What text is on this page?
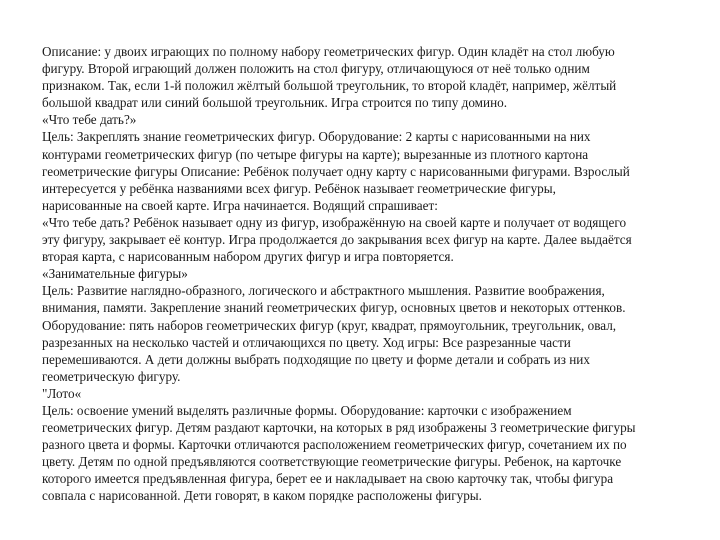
Описание: у двоих играющих по полному набору геометрических фигур. Один кладёт на стол любую
фигуру. Второй играющий должен положить на стол фигуру, отличающуюся от неё только одним
признаком. Так, если 1-й положил жёлтый большой треугольник, то второй кладёт, например, жёлтый
большой квадрат или синий большой треугольник. Игра строится по типу домино.
«Что тебе дать?»
Цель: Закреплять знание геометрических фигур. Оборудование: 2 карты с нарисованными на них
контурами геометрических фигур (по четыре фигуры на карте); вырезанные из плотного картона
геометрические фигуры Описание: Ребёнок получает одну карту с нарисованными фигурами. Взрослый
интересуется у ребёнка названиями всех фигур. Ребёнок называет геометрические фигуры,
нарисованные на своей карте. Игра начинается. Водящий спрашивает:
«Что тебе дать? Ребёнок называет одну из фигур, изображённую на своей карте и получает от водящего
эту фигуру, закрывает её контур. Игра продолжается до закрывания всех фигур на карте. Далее выдаётся
вторая карта, с нарисованным набором других фигур и игра повторяется.
«Занимательные фигуры»
Цель: Развитие наглядно-образного, логического и абстрактного мышления. Развитие воображения,
внимания, памяти. Закрепление знаний геометрических фигур, основных цветов и некоторых оттенков.
Оборудование: пять наборов геометрических фигур (круг, квадрат, прямоугольник, треугольник, овал,
разрезанных на несколько частей и отличающихся по цвету. Ход игры: Все разрезанные части
перемешиваются. А дети должны выбрать подходящие по цвету и форме детали и собрать из них
геометрическую фигуру.
"Лото«
Цель: освоение умений выделять различные формы. Оборудование: карточки с изображением
геометрических фигур. Детям раздают карточки, на которых в ряд изображены 3 геометрические фигуры
разного цвета и формы. Карточки отличаются расположением геометрических фигур, сочетанием их по
цвету. Детям по одной предъявляются соответствующие геометрические фигуры. Ребенок, на карточке
которого имеется предъявленная фигура, берет ее и накладывает на свою карточку так, чтобы фигура
совпала с нарисованной. Дети говорят, в каком порядке расположены фигуры.
